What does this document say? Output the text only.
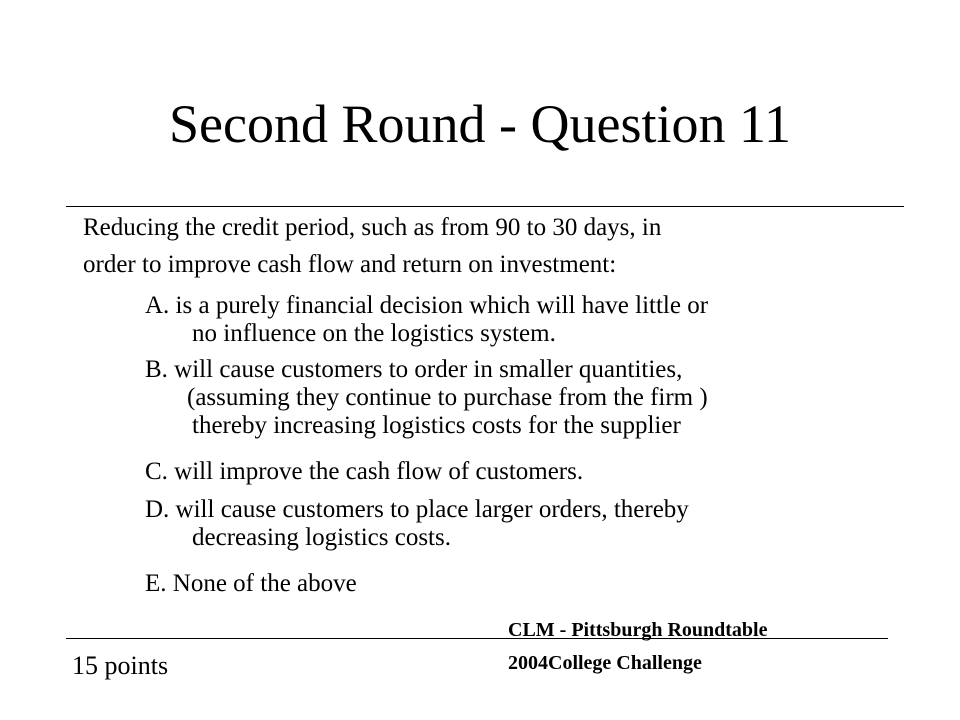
Second Round - Question 11
Reducing the credit period, such as from 90 to 30 days, in
order to improve cash flow and return on investment:
A. is a purely financial decision which will have little or
no influence on the logistics system.
B. will cause customers to order in smaller quantities,
(assuming they continue to purchase from the firm )
thereby increasing logistics costs for the supplier
C. will improve the cash flow of customers.
D. will cause customers to place larger orders, thereby
decreasing logistics costs.
E. None of the above
CLM - Pittsburgh Roundtable
15 points	2004College Challenge
